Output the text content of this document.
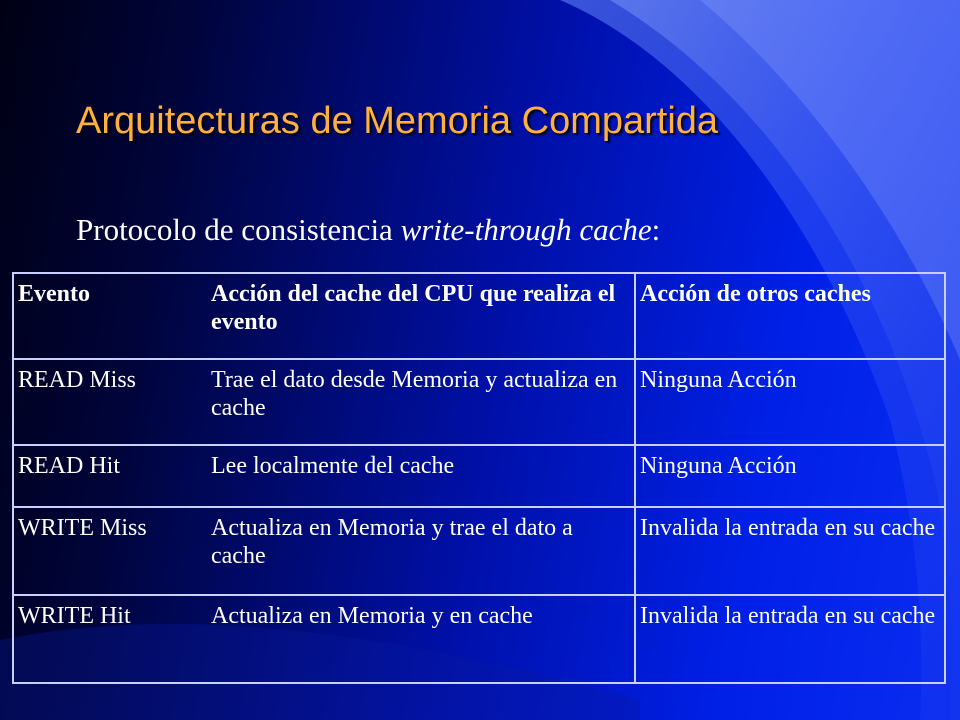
Arquitecturas de Memoria Compartida

Protocolo de consistencia write-through cache:

Evento	Acción del cache del CPU que realiza el evento	Acción de otros caches
READ Miss	Trae el dato desde Memoria y actualiza en cache	Ninguna Acción
READ Hit	Lee localmente del cache	Ninguna Acción
WRITE Miss	Actualiza en Memoria y trae el dato a cache	Invalida la entrada en su cache
WRITE Hit	Actualiza en Memoria y en cache	Invalida la entrada en su cache
